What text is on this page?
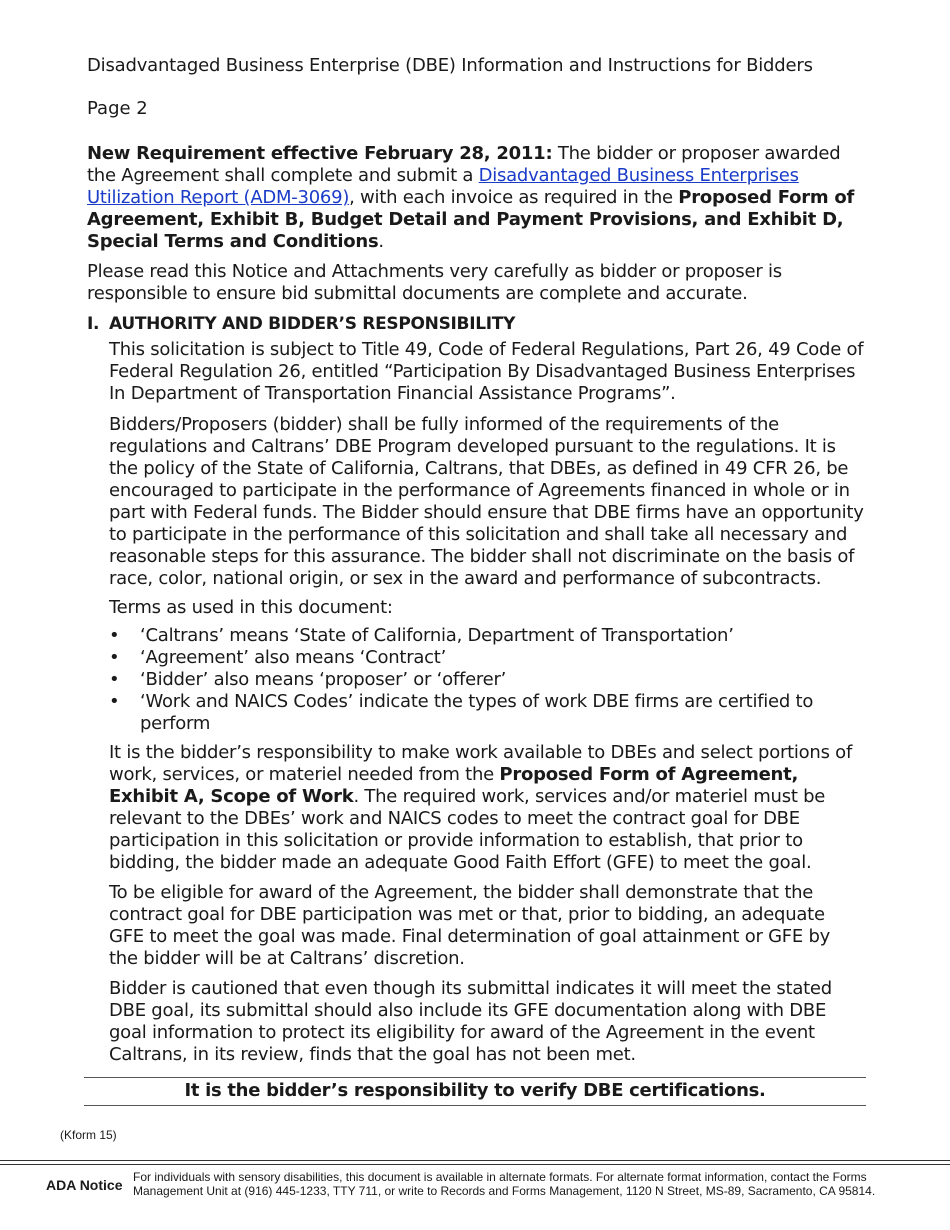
Disadvantaged Business Enterprise (DBE) Information and Instructions for Bidders
Page 2
New Requirement effective February 28, 2011: The bidder or proposer awarded the Agreement shall complete and submit a Disadvantaged Business Enterprises Utilization Report (ADM-3069), with each invoice as required in the Proposed Form of Agreement, Exhibit B, Budget Detail and Payment Provisions, and Exhibit D, Special Terms and Conditions.
Please read this Notice and Attachments very carefully as bidder or proposer is responsible to ensure bid submittal documents are complete and accurate.
I. AUTHORITY AND BIDDER’S RESPONSIBILITY
This solicitation is subject to Title 49, Code of Federal Regulations, Part 26, 49 Code of Federal Regulation 26, entitled “Participation By Disadvantaged Business Enterprises In Department of Transportation Financial Assistance Programs”.
Bidders/Proposers (bidder) shall be fully informed of the requirements of the regulations and Caltrans’ DBE Program developed pursuant to the regulations. It is the policy of the State of California, Caltrans, that DBEs, as defined in 49 CFR 26, be encouraged to participate in the performance of Agreements financed in whole or in part with Federal funds. The Bidder should ensure that DBE firms have an opportunity to participate in the performance of this solicitation and shall take all necessary and reasonable steps for this assurance. The bidder shall not discriminate on the basis of race, color, national origin, or sex in the award and performance of subcontracts.
Terms as used in this document:
• ‘Caltrans’ means ‘State of California, Department of Transportation’
• ‘Agreement’ also means ‘Contract’
• ‘Bidder’ also means ‘proposer’ or ‘offerer’
• ‘Work and NAICS Codes’ indicate the types of work DBE firms are certified to perform
It is the bidder’s responsibility to make work available to DBEs and select portions of work, services, or materiel needed from the Proposed Form of Agreement, Exhibit A, Scope of Work. The required work, services and/or materiel must be relevant to the DBEs’ work and NAICS codes to meet the contract goal for DBE participation in this solicitation or provide information to establish, that prior to bidding, the bidder made an adequate Good Faith Effort (GFE) to meet the goal.
To be eligible for award of the Agreement, the bidder shall demonstrate that the contract goal for DBE participation was met or that, prior to bidding, an adequate GFE to meet the goal was made. Final determination of goal attainment or GFE by the bidder will be at Caltrans’ discretion.
Bidder is cautioned that even though its submittal indicates it will meet the stated DBE goal, its submittal should also include its GFE documentation along with DBE goal information to protect its eligibility for award of the Agreement in the event Caltrans, in its review, finds that the goal has not been met.
It is the bidder’s responsibility to verify DBE certifications.
(Kform 15)
ADA Notice For individuals with sensory disabilities, this document is available in alternate formats. For alternate format information, contact the Forms Management Unit at (916) 445-1233, TTY 711, or write to Records and Forms Management, 1120 N Street, MS-89, Sacramento, CA 95814.
